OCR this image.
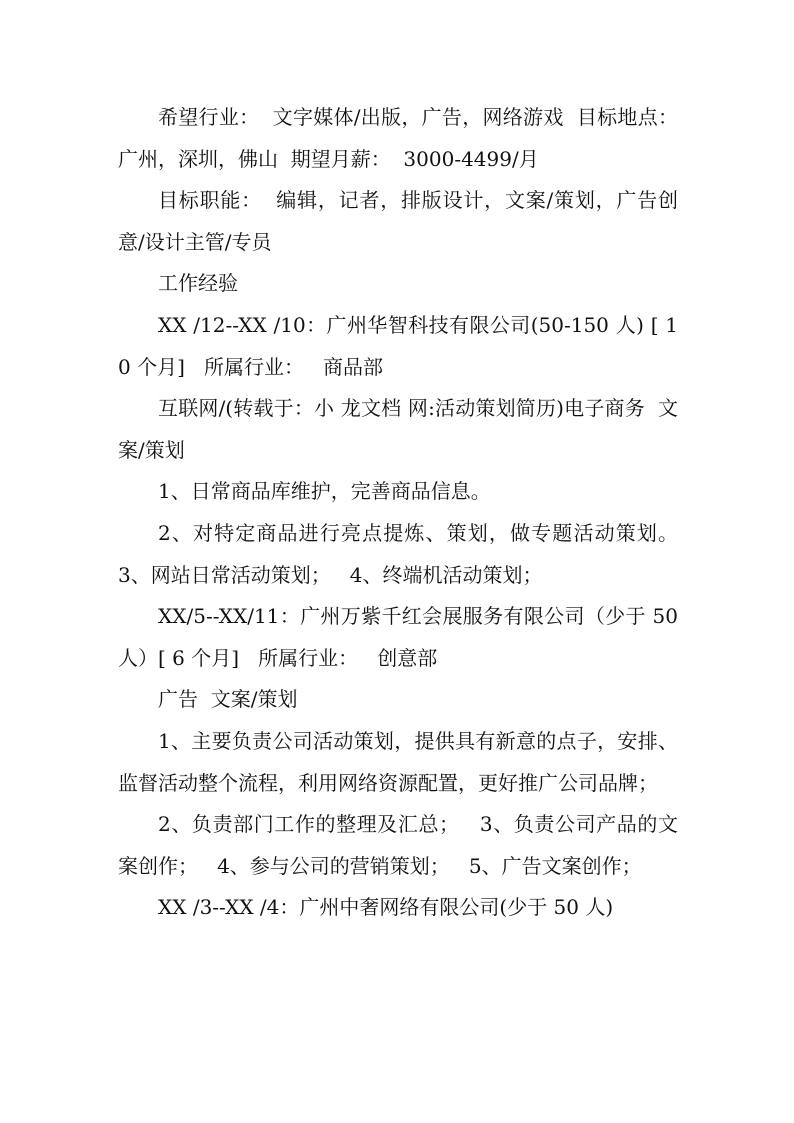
希望行业：  文字媒体/出版，广告，网络游戏  目标地点：  广州，深圳，佛山  期望月薪：  3000-4499/月

目标职能：  编辑，记者，排版设计，文案/策划，广告创意/设计主管/专员

工作经验

XX /12--XX /10：广州华智科技有限公司(50-150 人) [ 10 个月]   所属行业：   商品部

互联网/(转载于：小 龙文档 网:活动策划简历)电子商务  文案/策划

1、日常商品库维护，完善商品信息。

2、对特定商品进行亮点提炼、策划，做专题活动策划。3、网站日常活动策划；   4、终端机活动策划；

XX/5--XX/11：广州万紫千红会展服务有限公司（少于 50 人）[ 6 个月]   所属行业：   创意部

广告  文案/策划

1、主要负责公司活动策划，提供具有新意的点子，安排、监督活动整个流程，利用网络资源配置，更好推广公司品牌；

2、负责部门工作的整理及汇总；   3、负责公司产品的文案创作；   4、参与公司的营销策划；   5、广告文案创作；

XX /3--XX /4：广州中奢网络有限公司(少于 50 人)
